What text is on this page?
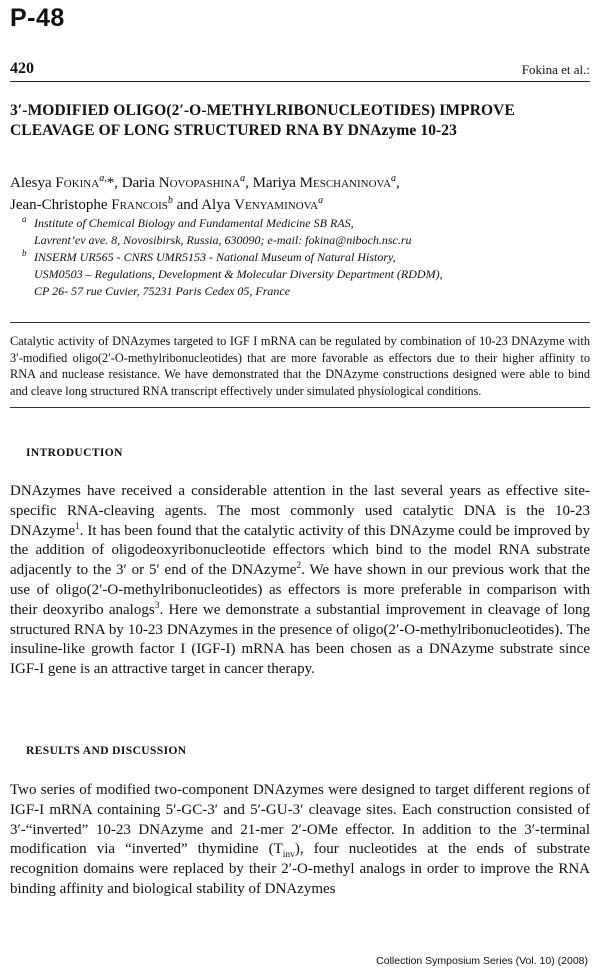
P-48
420	Fokina et al.:
3′-MODIFIED OLIGO(2′-O-METHYLRIBONUCLEOTIDES) IMPROVE
CLEAVAGE OF LONG STRUCTURED RNA BY DNAzyme 10-23
Alesya Fokina$^{a,}$*, Daria Novopashina$^a$, Mariya Meschaninova$^a$,
Jean-Christophe Francois$^b$ and Alya Venyaminova$^a$
a Institute of Chemical Biology and Fundamental Medicine SB RAS,
Lavrent’ev ave. 8, Novosibirsk, Russia, 630090; e-mail: fokina@niboch.nsc.ru
b INSERM UR565 - CNRS UMR5153 - National Museum of Natural History,
USM0503 – Regulations, Development & Molecular Diversity Department (RDDM),
CP 26- 57 rue Cuvier, 75231 Paris Cedex 05, France
Catalytic activity of DNAzymes targeted to IGF I mRNA can be regulated by combination of 10-23 DNAzyme with 3′-modified oligo(2′-O-methylribonucleotides) that are more favorable as effectors due to their higher affinity to RNA and nuclease resistance. We have demonstrated that the DNAzyme constructions designed were able to bind and cleave long structured RNA transcript effectively under simulated physiological conditions.
INTRODUCTION
DNAzymes have received a considerable attention in the last several years as effective site-specific RNA-cleaving agents. The most commonly used catalytic DNA is the 10-23 DNAzyme$^1$. It has been found that the catalytic activity of this DNAzyme could be improved by the addition of oligodeoxyribonucleotide effectors which bind to the model RNA substrate adjacently to the 3′ or 5′ end of the DNAzyme$^2$. We have shown in our previous work that the use of oligo(2′-O-methylribonucleotides) as effectors is more preferable in comparison with their deoxyribo analogs$^3$. Here we demonstrate a substantial improvement in cleavage of long structured RNA by 10-23 DNAzymes in the presence of oligo(2′-O-methylribonucleotides). The insuline-like growth factor I (IGF-I) mRNA has been chosen as a DNAzyme substrate since IGF-I gene is an attractive target in cancer therapy.
RESULTS AND DISCUSSION
Two series of modified two-component DNAzymes were designed to target different regions of IGF-I mRNA containing 5′-GC-3′ and 5′-GU-3′ cleavage sites. Each construction consisted of 3′-“inverted” 10-23 DNAzyme and 21-mer 2′-OMe effector. In addition to the 3′-terminal modification via “inverted” thymidine $(T_{inv})$, four nucleotides at the ends of substrate recognition domains were replaced by their 2′-O-methyl analogs in order to improve the RNA binding affinity and biological stability of DNAzymes
Collection Symposium Series (Vol. 10) (2008)
